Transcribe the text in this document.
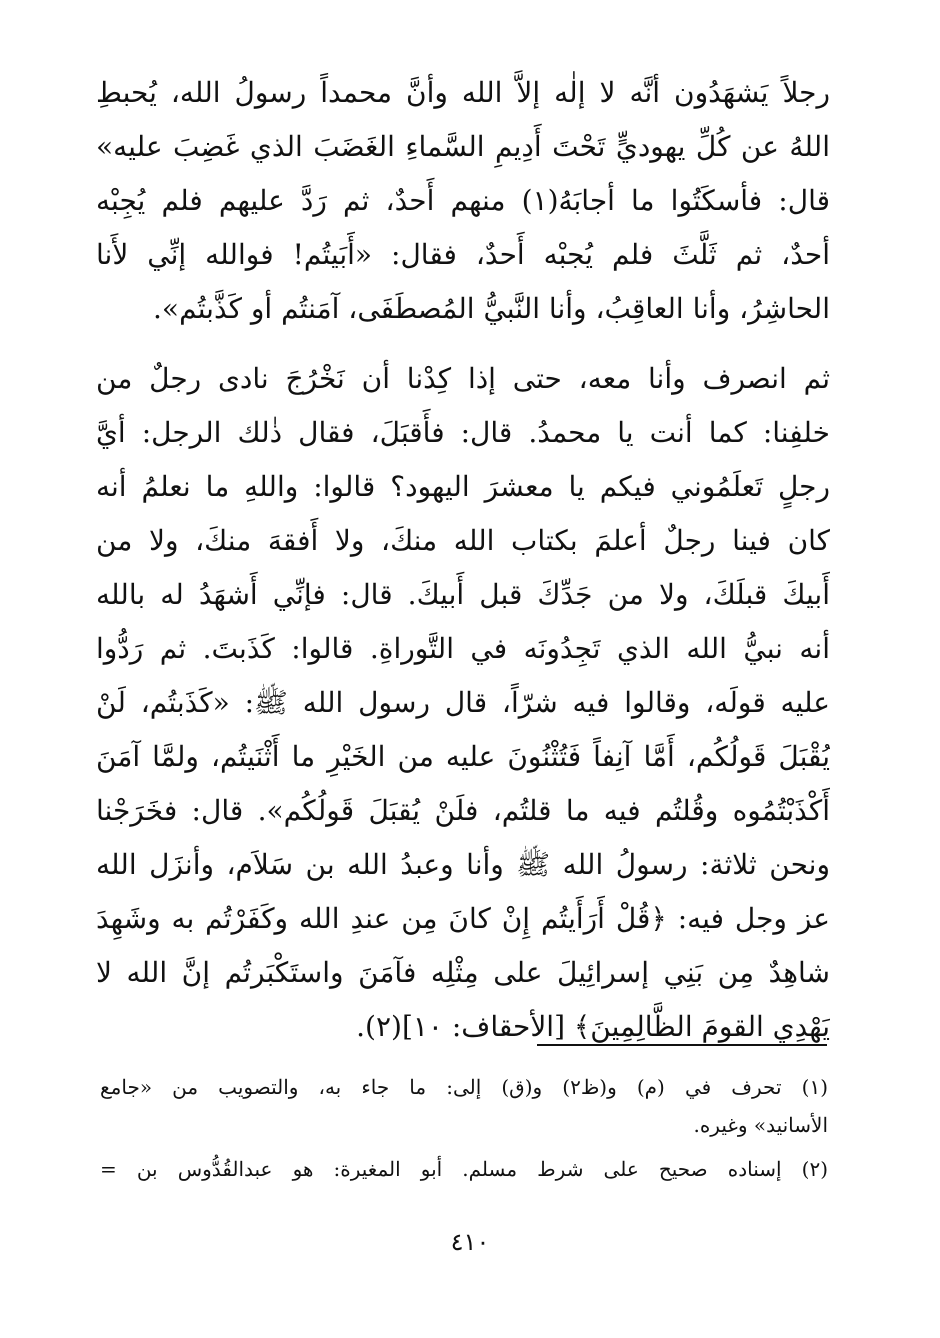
رجلاً يَشهَدُون أنَّه لا إلٰه إلاَّ الله وأنَّ محمداً رسولُ الله، يُحبطِ
اللهُ عن كُلِّ يهوديٍّ تَحْتَ أَدِيمِ السَّماءِ الغَضَبَ الذي غَضِبَ عليه»
قال: فأسكَتُوا ما أجابَهُ(١) منهم أَحدٌ، ثم رَدَّ عليهم فلم يُجِبْه
أحدٌ، ثم ثَلَّثَ فلم يُجبْه أَحدٌ، فقال: «أَبَيتُم! فوالله إنِّي لأَنا
الحاشِرُ، وأنا العاقِبُ، وأنا النَّبيُّ المُصطَفَى، آمَنتُم أو كَذَّبتُم».
ثم انصرف وأنا معه، حتى إذا كِدْنا أن نَخْرُجَ نادى رجلٌ من
خلفِنا: كما أنت يا محمدُ. قال: فأَقبَلَ، فقال ذٰلك الرجل: أيَّ
رجلٍ تَعلَمُوني فيكم يا معشرَ اليهود؟ قالوا: واللهِ ما نعلمُ أنه
كان فينا رجلٌ أعلمَ بكتاب الله منكَ، ولا أَفقهَ منكَ، ولا من
أَبيكَ قبلَكَ، ولا من جَدِّكَ قبل أَبيكَ. قال: فإنِّي أَشهَدُ له بالله
أنه نبيُّ الله الذي تَجِدُونَه في التَّوراةِ. قالوا: كَذَبتَ. ثم رَدُّوا
عليه قولَه، وقالوا فيه شرّاً، قال رسول الله ﷺ: «كَذَبتُم، لَنْ
يُقْبَلَ قَولُكُم، أَمَّا آنِفاً فَتُثْنُونَ عليه من الخَيْرِ ما أَثْنَيتُم، ولمَّا آمَنَ
أَكْذَبْتُمُوه وقُلتُم فيه ما قلتُم، فلَنْ يُقبَلَ قَولُكُم». قال: فخَرَجْنا
ونحن ثلاثة: رسولُ الله ﷺ وأنا وعبدُ الله بن سَلاَم، وأنزَل الله
عز وجل فيه: ﴿قُلْ أَرَأَيتُم إِنْ كانَ مِن عندِ الله وكَفَرْتُم به وشَهِدَ
شاهِدٌ مِن بَنِي إسرائِيلَ على مِثْلِه فآمَنَ واستَكْبَرتُم إنَّ الله لا
يَهْدِي القومَ الظَّالِمِينَ﴾ [الأحقاف: ١٠](٢).
(١) تحرف في (م) و(ظ٢) و(ق) إلى: ما جاء به، والتصويب من «جامع
الأسانيد» وغيره.
(٢) إسناده صحيح على شرط مسلم. أبو المغيرة: هو عبدالقُدُّوس بن =
٤١٠
